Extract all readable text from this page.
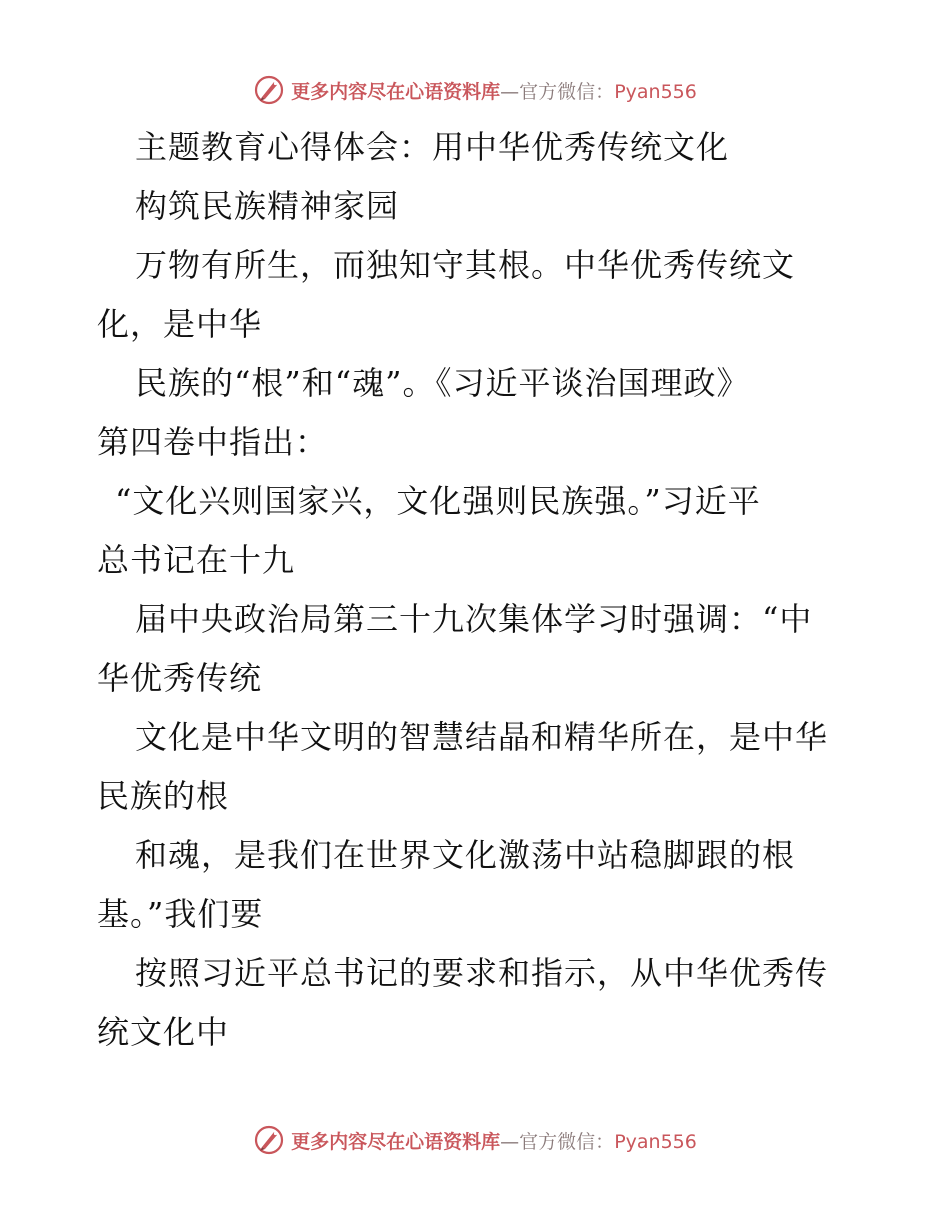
更多内容尽在心语资料库—官方微信：Pyan556
主题教育心得体会：用中华优秀传统文化
构筑民族精神家园
万物有所生，而独知守其根。中华优秀传统文
化，是中华
民族的“根”和“魂”。《习近平谈治国理政》
第四卷中指出：
“文化兴则国家兴，文化强则民族强。”习近平
总书记在十九
届中央政治局第三十九次集体学习时强调：“中
华优秀传统
文化是中华文明的智慧结晶和精华所在，是中华
民族的根
和魂，是我们在世界文化激荡中站稳脚跟的根
基。”我们要
按照习近平总书记的要求和指示，从中华优秀传
统文化中
更多内容尽在心语资料库—官方微信：Pyan556
